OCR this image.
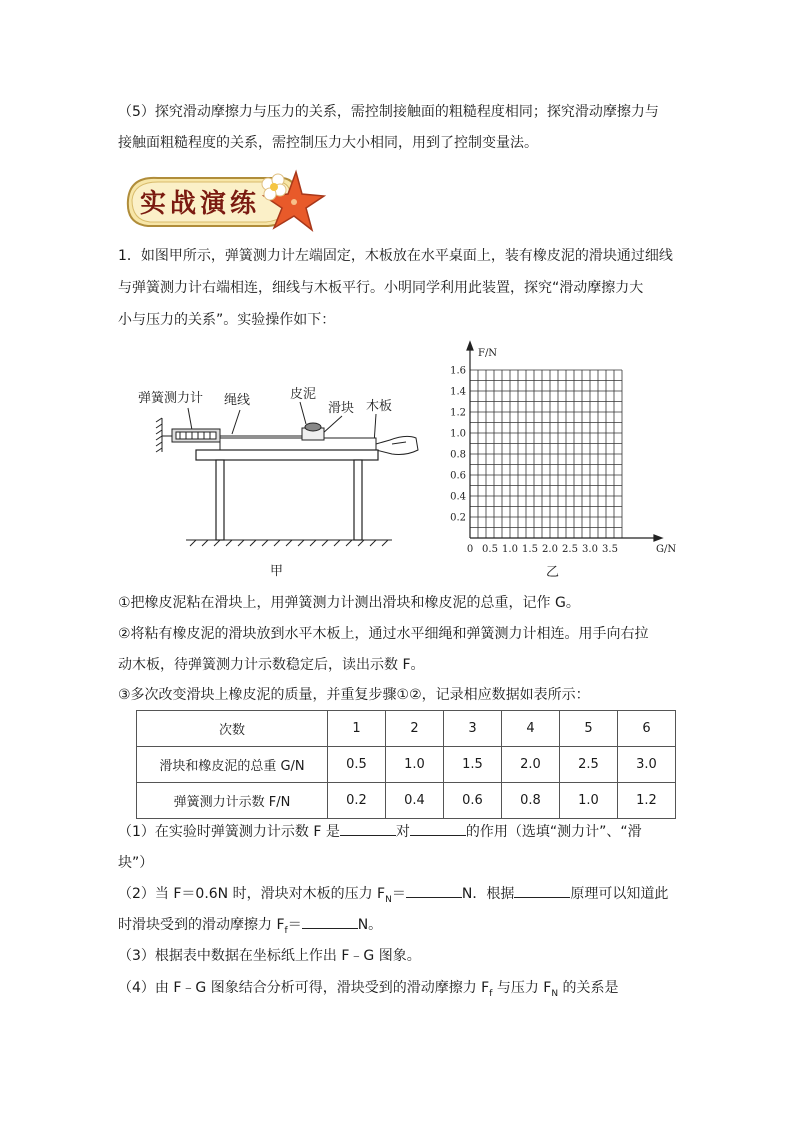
（5）探究滑动摩擦力与压力的关系，需控制接触面的粗糙程度相同；探究滑动摩擦力与

接触面粗糙程度的关系，需控制压力大小相同，用到了控制变量法。

实战演练

1．如图甲所示，弹簧测力计左端固定，木板放在水平桌面上，装有橡皮泥的滑块通过细线

与弹簧测力计右端相连，细线与木板平行。小明同学利用此装置，探究“滑动摩擦力大

小与压力的关系”。实验操作如下：

弹簧测力计 绳线	皮泥
滑块 木板
甲
0 0.5 1.0 1.5 2.0 2.5 3.0 3.5
0.2
0.4
0.6
0.8
1.0
1.2
1.4
1.6
G/N
F/N
乙

①把橡皮泥粘在滑块上，用弹簧测力计测出滑块和橡皮泥的总重，记作 G。

②将粘有橡皮泥的滑块放到水平木板上，通过水平细绳和弹簧测力计相连。用手向右拉

动木板，待弹簧测力计示数稳定后，读出示数 F。

③多次改变滑块上橡皮泥的质量，并重复步骤①②，记录相应数据如表所示：

次数	1	2	3	4	5	6
滑块和橡皮泥的总重 G/N	0.5	1.0	1.5	2.0	2.5	3.0
弹簧测力计示数 F/N	0.2	0.4	0.6	0.8	1.0	1.2

（1）在实验时弹簧测力计示数 F 是	对	的作用（选填“测力计”、“滑

块”）

（2）当 F＝0.6N 时，滑块对木板的压力 $F_N=$	N．根据	原理可以知道此

时滑块受到的滑动摩擦力 $F_f=$	N。

（3）根据表中数据在坐标纸上作出 F﹣G 图象。

（4）由 F﹣G 图象结合分析可得，滑块受到的滑动摩擦力 $F_f$ 与压力 $F_N$ 的关系是
